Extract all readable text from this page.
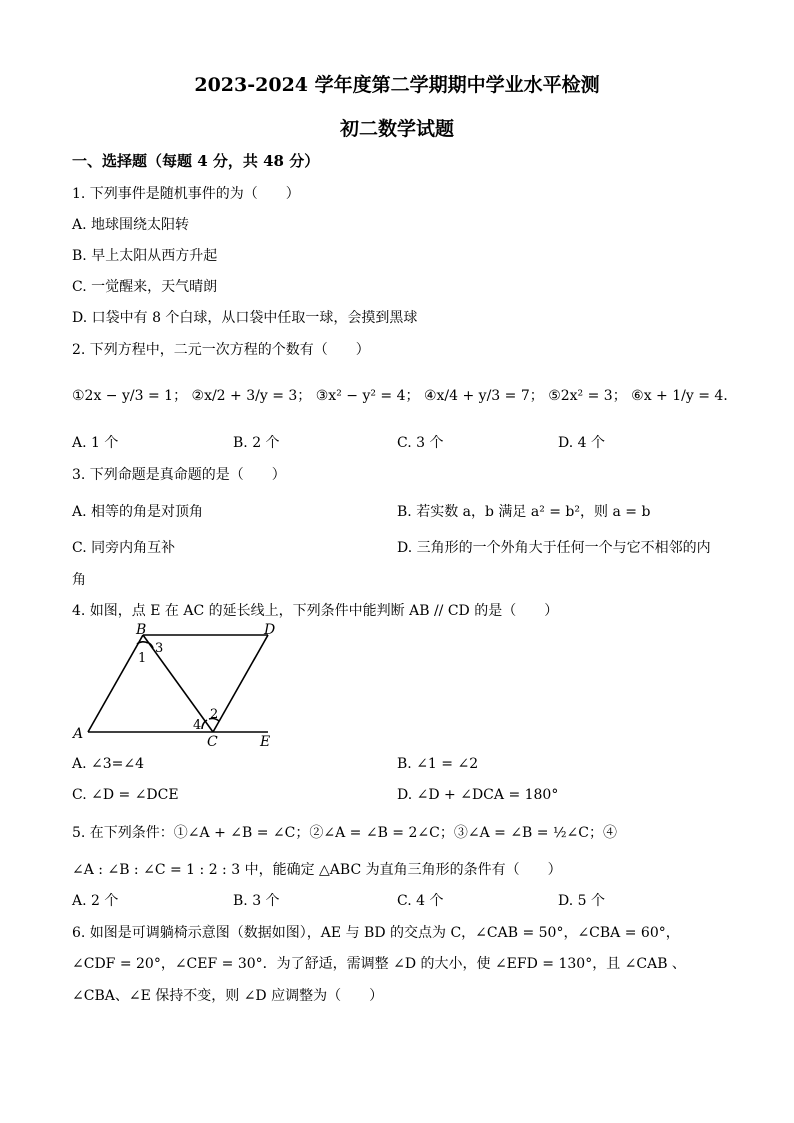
2023-2024 学年度第二学期期中学业水平检测
初二数学试题
一、选择题（每题 4 分，共 48 分）
1. 下列事件是随机事件的为（　　）
A. 地球围绕太阳转
B. 早上太阳从西方升起
C. 一觉醒来，天气晴朗
D. 口袋中有 8 个白球，从口袋中任取一球，会摸到黑球
2. 下列方程中，二元一次方程的个数有（　　）
①2x − y/3 = 1； ②x/2 + 3/y = 3； ③x² − y² = 4； ④x/4 + y/3 = 7； ⑤2x² = 3； ⑥x + 1/y = 4．
A. 1 个	B. 2 个	C. 3 个	D. 4 个
3. 下列命题是真命题的是（　　）
A. 相等的角是对顶角	B. 若实数 a，b 满足 a² = b²，则 a = b
C. 同旁内角互补	D. 三角形的一个外角大于任何一个与它不相邻的内
角
4. 如图，点 E 在 AC 的延长线上，下列条件中能判断 AB // CD 的是（　　）
B	D
A	C	E
1
3
2
4
A. ∠3=∠4	B. ∠1 = ∠2
C. ∠D = ∠DCE	D. ∠D + ∠DCA = 180°
5. 在下列条件：①∠A + ∠B = ∠C；②∠A = ∠B = 2∠C；③∠A = ∠B = ½∠C；④
∠A : ∠B : ∠C = 1 : 2 : 3 中，能确定 △ABC 为直角三角形的条件有（　　）
A. 2 个	B. 3 个	C. 4 个	D. 5 个
6. 如图是可调躺椅示意图（数据如图），AE 与 BD 的交点为 C，∠CAB = 50°，∠CBA = 60°，
∠CDF = 20°，∠CEF = 30°．为了舒适，需调整 ∠D 的大小，使 ∠EFD = 130°，且 ∠CAB 、
∠CBA、∠E 保持不变，则 ∠D 应调整为（　　）
